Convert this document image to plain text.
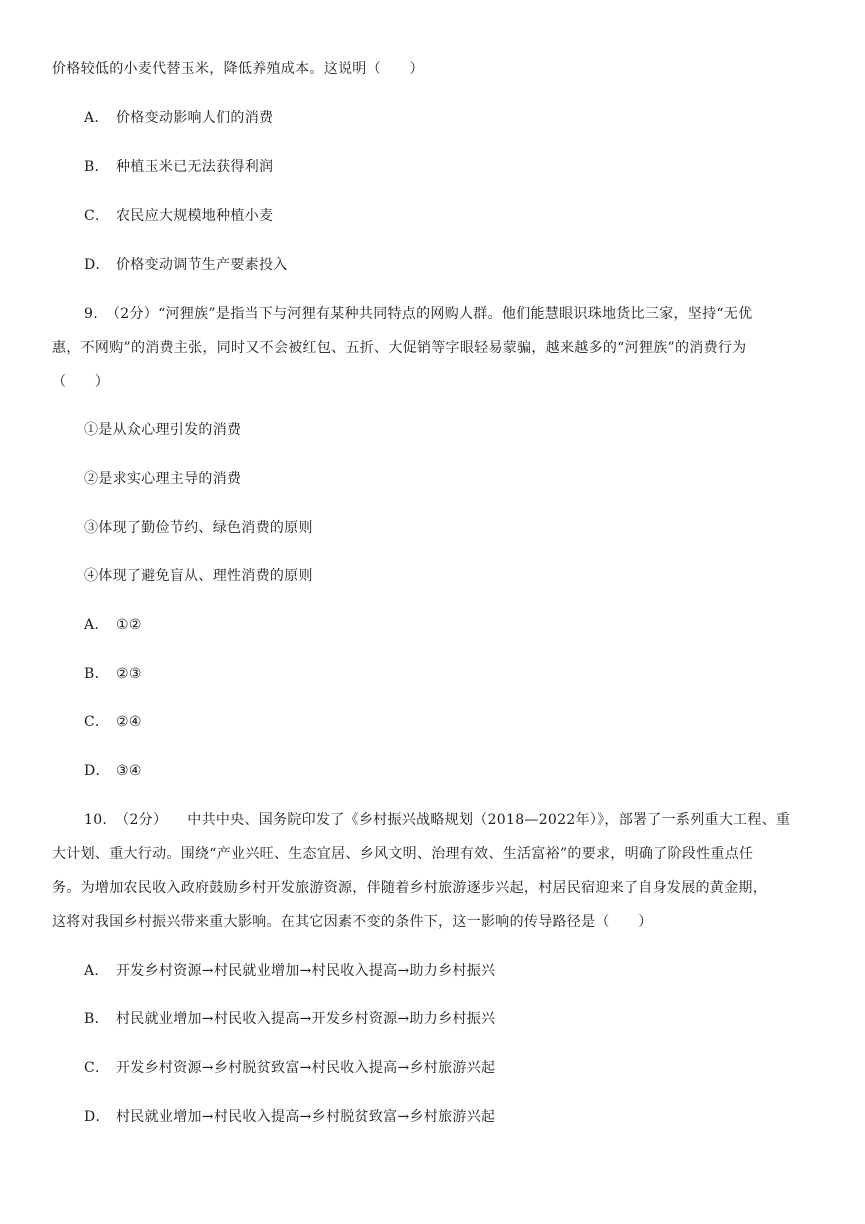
价格较低的小麦代替玉米，降低养殖成本。这说明（　　）
A． 价格变动影响人们的消费
B． 种植玉米已无法获得利润
C． 农民应大规模地种植小麦
D． 价格变动调节生产要素投入
9. （2分）“河狸族”是指当下与河狸有某种共同特点的网购人群。他们能慧眼识珠地货比三家，坚持“无优
惠，不网购”的消费主张，同时又不会被红包、五折、大促销等字眼轻易蒙骗，越来越多的“河狸族”的消费行为
（　　）
①是从众心理引发的消费
②是求实心理主导的消费
③体现了勤俭节约、绿色消费的原则
④体现了避免盲从、理性消费的原则
A． ①②
B． ②③
C． ②④
D． ③④
10. （2分） 中共中央、国务院印发了《乡村振兴战略规划（2018—2022年）》，部署了一系列重大工程、重
大计划、重大行动。围绕“产业兴旺、生态宜居、乡风文明、治理有效、生活富裕”的要求，明确了阶段性重点任
务。为增加农民收入政府鼓励乡村开发旅游资源，伴随着乡村旅游逐步兴起，村居民宿迎来了自身发展的黄金期，
这将对我国乡村振兴带来重大影响。在其它因素不变的条件下，这一影响的传导路径是（　　）
A． 开发乡村资源→村民就业增加→村民收入提高→助力乡村振兴
B． 村民就业增加→村民收入提高→开发乡村资源→助力乡村振兴
C． 开发乡村资源→乡村脱贫致富→村民收入提高→乡村旅游兴起
D． 村民就业增加→村民收入提高→乡村脱贫致富→乡村旅游兴起
